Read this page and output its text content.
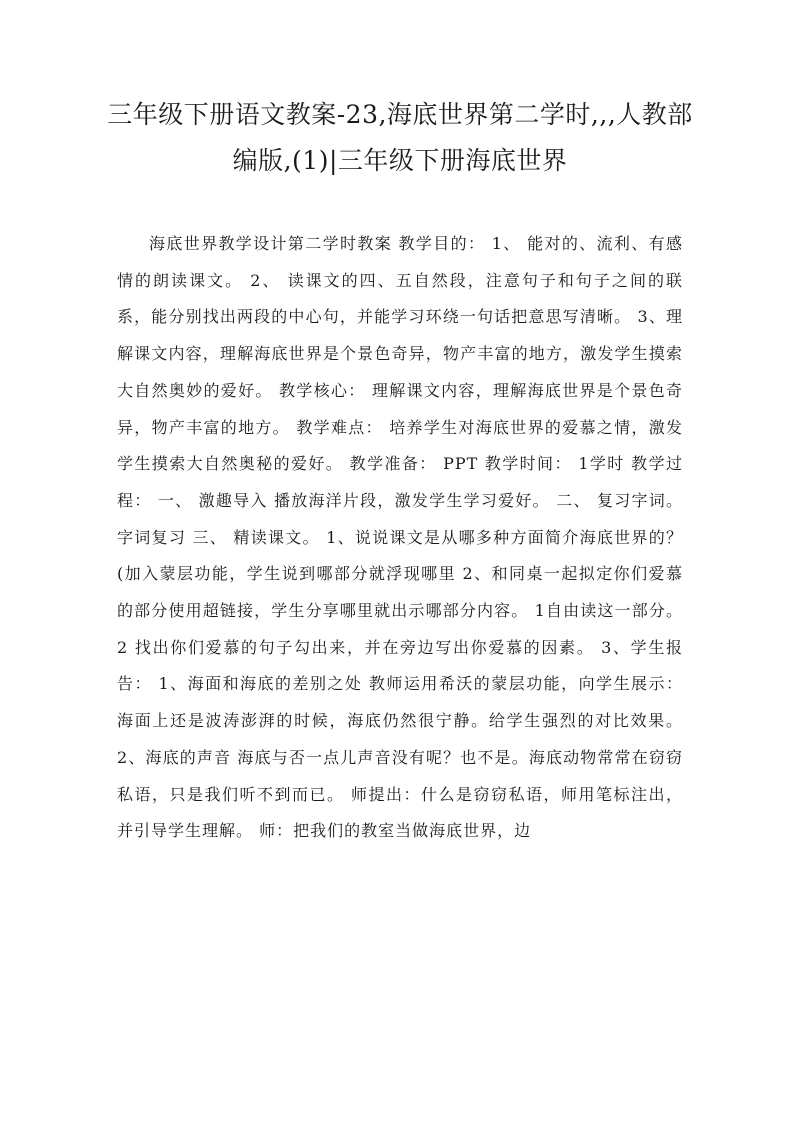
三年级下册语文教案-23,海底世界第二学时,,,人教部编版,(1)|三年级下册海底世界
海底世界教学设计第二学时教案 教学目的： 1、 能对的、流利、有感情的朗读课文。 2、 读课文的四、五自然段，注意句子和句子之间的联系，能分别找出两段的中心句，并能学习环绕一句话把意思写清晰。 3、理解课文内容，理解海底世界是个景色奇异，物产丰富的地方，激发学生摸索大自然奥妙的爱好。 教学核心： 理解课文内容，理解海底世界是个景色奇异，物产丰富的地方。 教学难点： 培养学生对海底世界的爱慕之情，激发学生摸索大自然奥秘的爱好。 教学准备： PPT 教学时间： 1学时 教学过程： 一、 激趣导入 播放海洋片段，激发学生学习爱好。 二、 复习字词。 字词复习 三、 精读课文。 1、说说课文是从哪多种方面简介海底世界的？(加入蒙层功能，学生说到哪部分就浮现哪里 2、和同桌一起拟定你们爱慕的部分使用超链接，学生分享哪里就出示哪部分内容。 1自由读这一部分。 2 找出你们爱慕的句子勾出来，并在旁边写出你爱慕的因素。 3、学生报告： 1、海面和海底的差别之处 教师运用希沃的蒙层功能，向学生展示：海面上还是波涛澎湃的时候，海底仍然很宁静。给学生强烈的对比效果。 2、海底的声音 海底与否一点儿声音没有呢？也不是。海底动物常常在窃窃私语，只是我们听不到而已。 师提出：什么是窃窃私语，师用笔标注出，并引导学生理解。 师：把我们的教室当做海底世界，边
